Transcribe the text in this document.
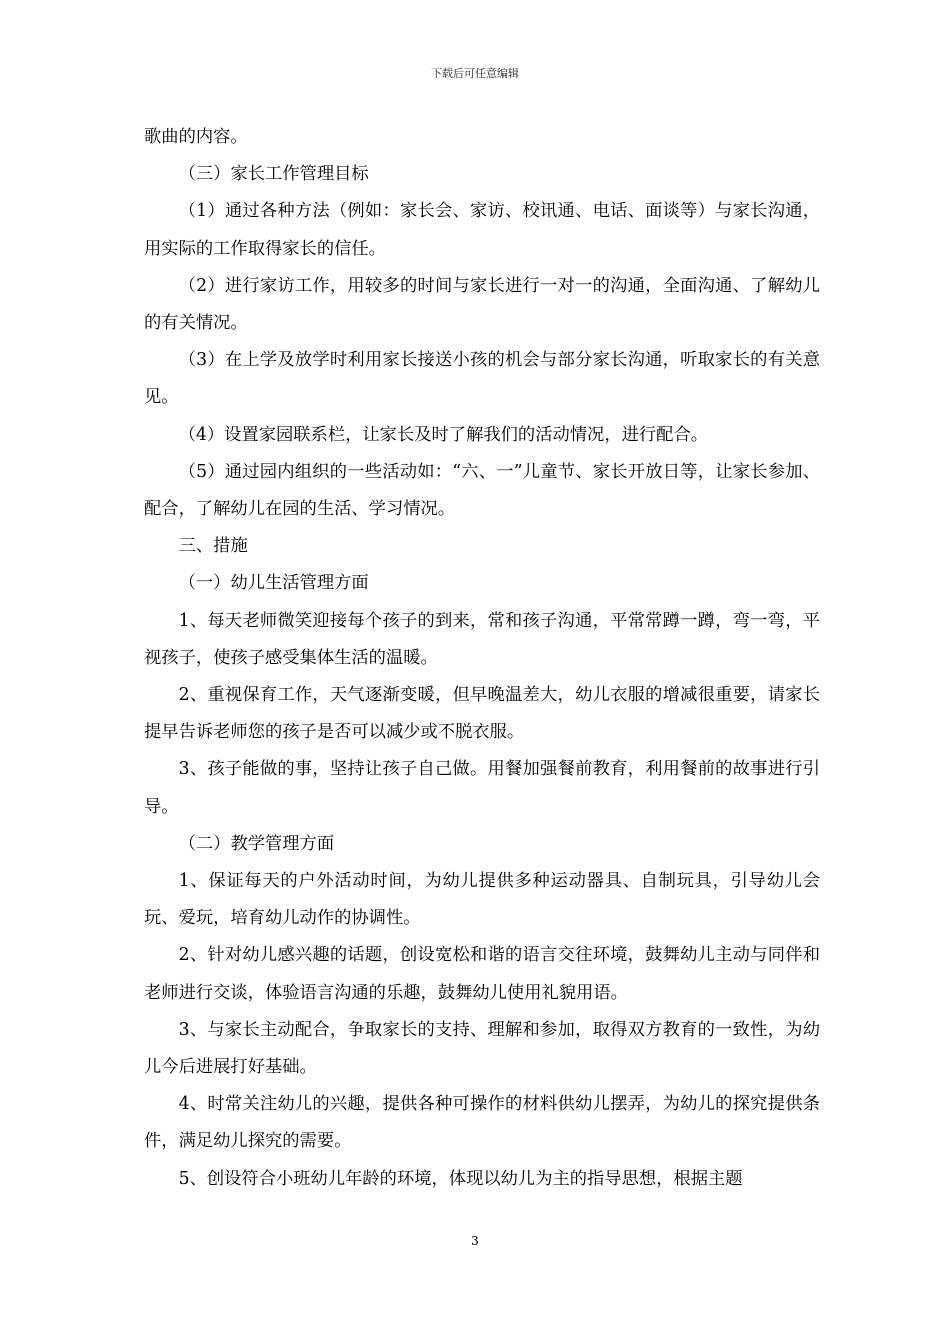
下载后可任意编辑

歌曲的内容。

（三）家长工作管理目标

（1）通过各种方法（例如：家长会、家访、校讯通、电话、面谈等）与家长沟通，用实际的工作取得家长的信任。

（2）进行家访工作，用较多的时间与家长进行一对一的沟通，全面沟通、了解幼儿的有关情况。

（3）在上学及放学时利用家长接送小孩的机会与部分家长沟通，听取家长的有关意见。

（4）设置家园联系栏，让家长及时了解我们的活动情况，进行配合。

（5）通过园内组织的一些活动如：“六、一”儿童节、家长开放日等，让家长参加、配合，了解幼儿在园的生活、学习情况。

三、措施

（一）幼儿生活管理方面

1、每天老师微笑迎接每个孩子的到来，常和孩子沟通，平常常蹲一蹲，弯一弯，平视孩子，使孩子感受集体生活的温暖。

2、重视保育工作，天气逐渐变暖，但早晚温差大，幼儿衣服的增减很重要，请家长提早告诉老师您的孩子是否可以减少或不脱衣服。

3、孩子能做的事，坚持让孩子自己做。用餐加强餐前教育，利用餐前的故事进行引导。

（二）教学管理方面

1、保证每天的户外活动时间，为幼儿提供多种运动器具、自制玩具，引导幼儿会玩、爱玩，培育幼儿动作的协调性。

2、针对幼儿感兴趣的话题，创设宽松和谐的语言交往环境，鼓舞幼儿主动与同伴和老师进行交谈，体验语言沟通的乐趣，鼓舞幼儿使用礼貌用语。

3、与家长主动配合，争取家长的支持、理解和参加，取得双方教育的一致性，为幼儿今后进展打好基础。

4、时常关注幼儿的兴趣，提供各种可操作的材料供幼儿摆弄，为幼儿的探究提供条件，满足幼儿探究的需要。

5、创设符合小班幼儿年龄的环境，体现以幼儿为主的指导思想，根据主题

3
